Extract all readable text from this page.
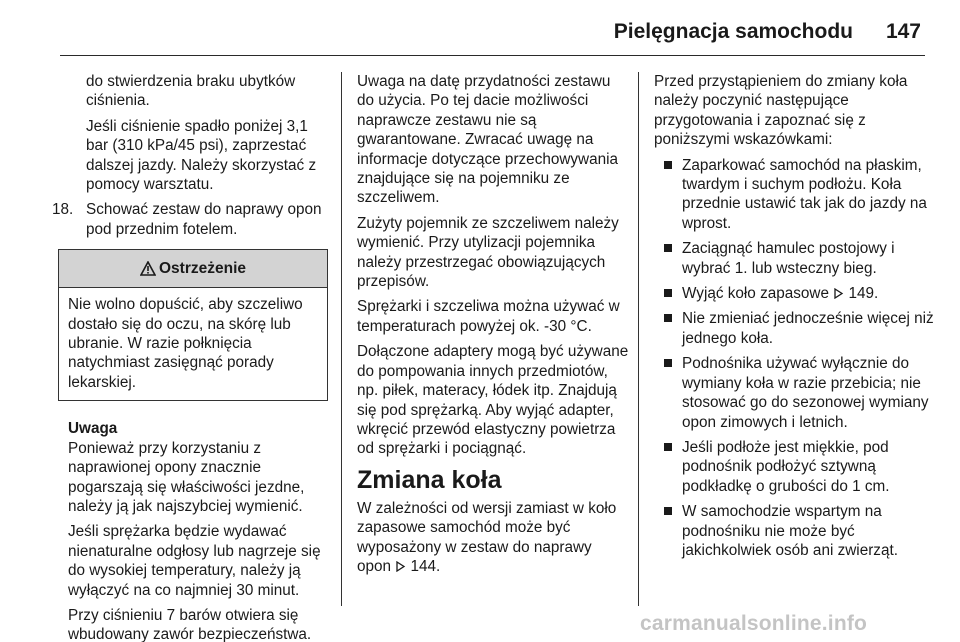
Pielęgnacja samochodu 147

do stwierdzenia braku ubytków ciśnienia.

Jeśli ciśnienie spadło poniżej 3,1 bar (310 kPa/45 psi), zaprzestać dalszej jazdy. Należy skorzystać z pomocy warsztatu.

18. Schować zestaw do naprawy opon pod przednim fotelem.
Ostrzeżenie
Nie wolno dopuścić, aby szczeliwo dostało się do oczu, na skórę lub ubranie. W razie połknięcia natychmiast zasięgnąć porady lekarskiej.
Uwaga

Ponieważ przy korzystaniu z naprawionej opony znacznie pogarszają się właściwości jezdne, należy ją jak najszybciej wymienić.

Jeśli sprężarka będzie wydawać nienaturalne odgłosy lub nagrzeje się do wysokiej temperatury, należy ją wyłączyć na co najmniej 30 minut.

Przy ciśnieniu 7 barów otwiera się wbudowany zawór bezpieczeństwa.

Uwaga na datę przydatności zestawu do użycia. Po tej dacie możliwości naprawcze zestawu nie są gwarantowane. Zwracać uwagę na informacje dotyczące przechowywania znajdujące się na pojemniku ze szczeliwem.

Zużyty pojemnik ze szczeliwem należy wymienić. Przy utylizacji pojemnika należy przestrzegać obowiązujących przepisów.

Sprężarki i szczeliwa można używać w temperaturach powyżej ok. -30 °C.

Dołączone adaptery mogą być używane do pompowania innych przedmiotów, np. piłek, materacy, łódek itp. Znajdują się pod sprężarką. Aby wyjąć adapter, wkręcić przewód elastyczny powietrza od sprężarki i pociągnąć.

Zmiana koła

W zależności od wersji zamiast w koło zapasowe samochód może być wyposażony w zestaw do naprawy opon 144.

Przed przystąpieniem do zmiany koła należy poczynić następujące przygotowania i zapoznać się z poniższymi wskazówkami:

Zaparkować samochód na płaskim, twardym i suchym podłożu. Koła przednie ustawić tak jak do jazdy na wprost.
Zaciągnąć hamulec postojowy i wybrać 1. lub wsteczny bieg.
Wyjąć koło zapasowe 149.
Nie zmieniać jednocześnie więcej niż jednego koła.
Podnośnika używać wyłącznie do wymiany koła w razie przebicia; nie stosować go do sezonowej wymiany opon zimowych i letnich.
Jeśli podłoże jest miękkie, pod podnośnik podłożyć sztywną podkładkę o grubości do 1 cm.
W samochodzie wspartym na podnośniku nie może być jakichkolwiek osób ani zwierząt.
carmanualsonline.info
